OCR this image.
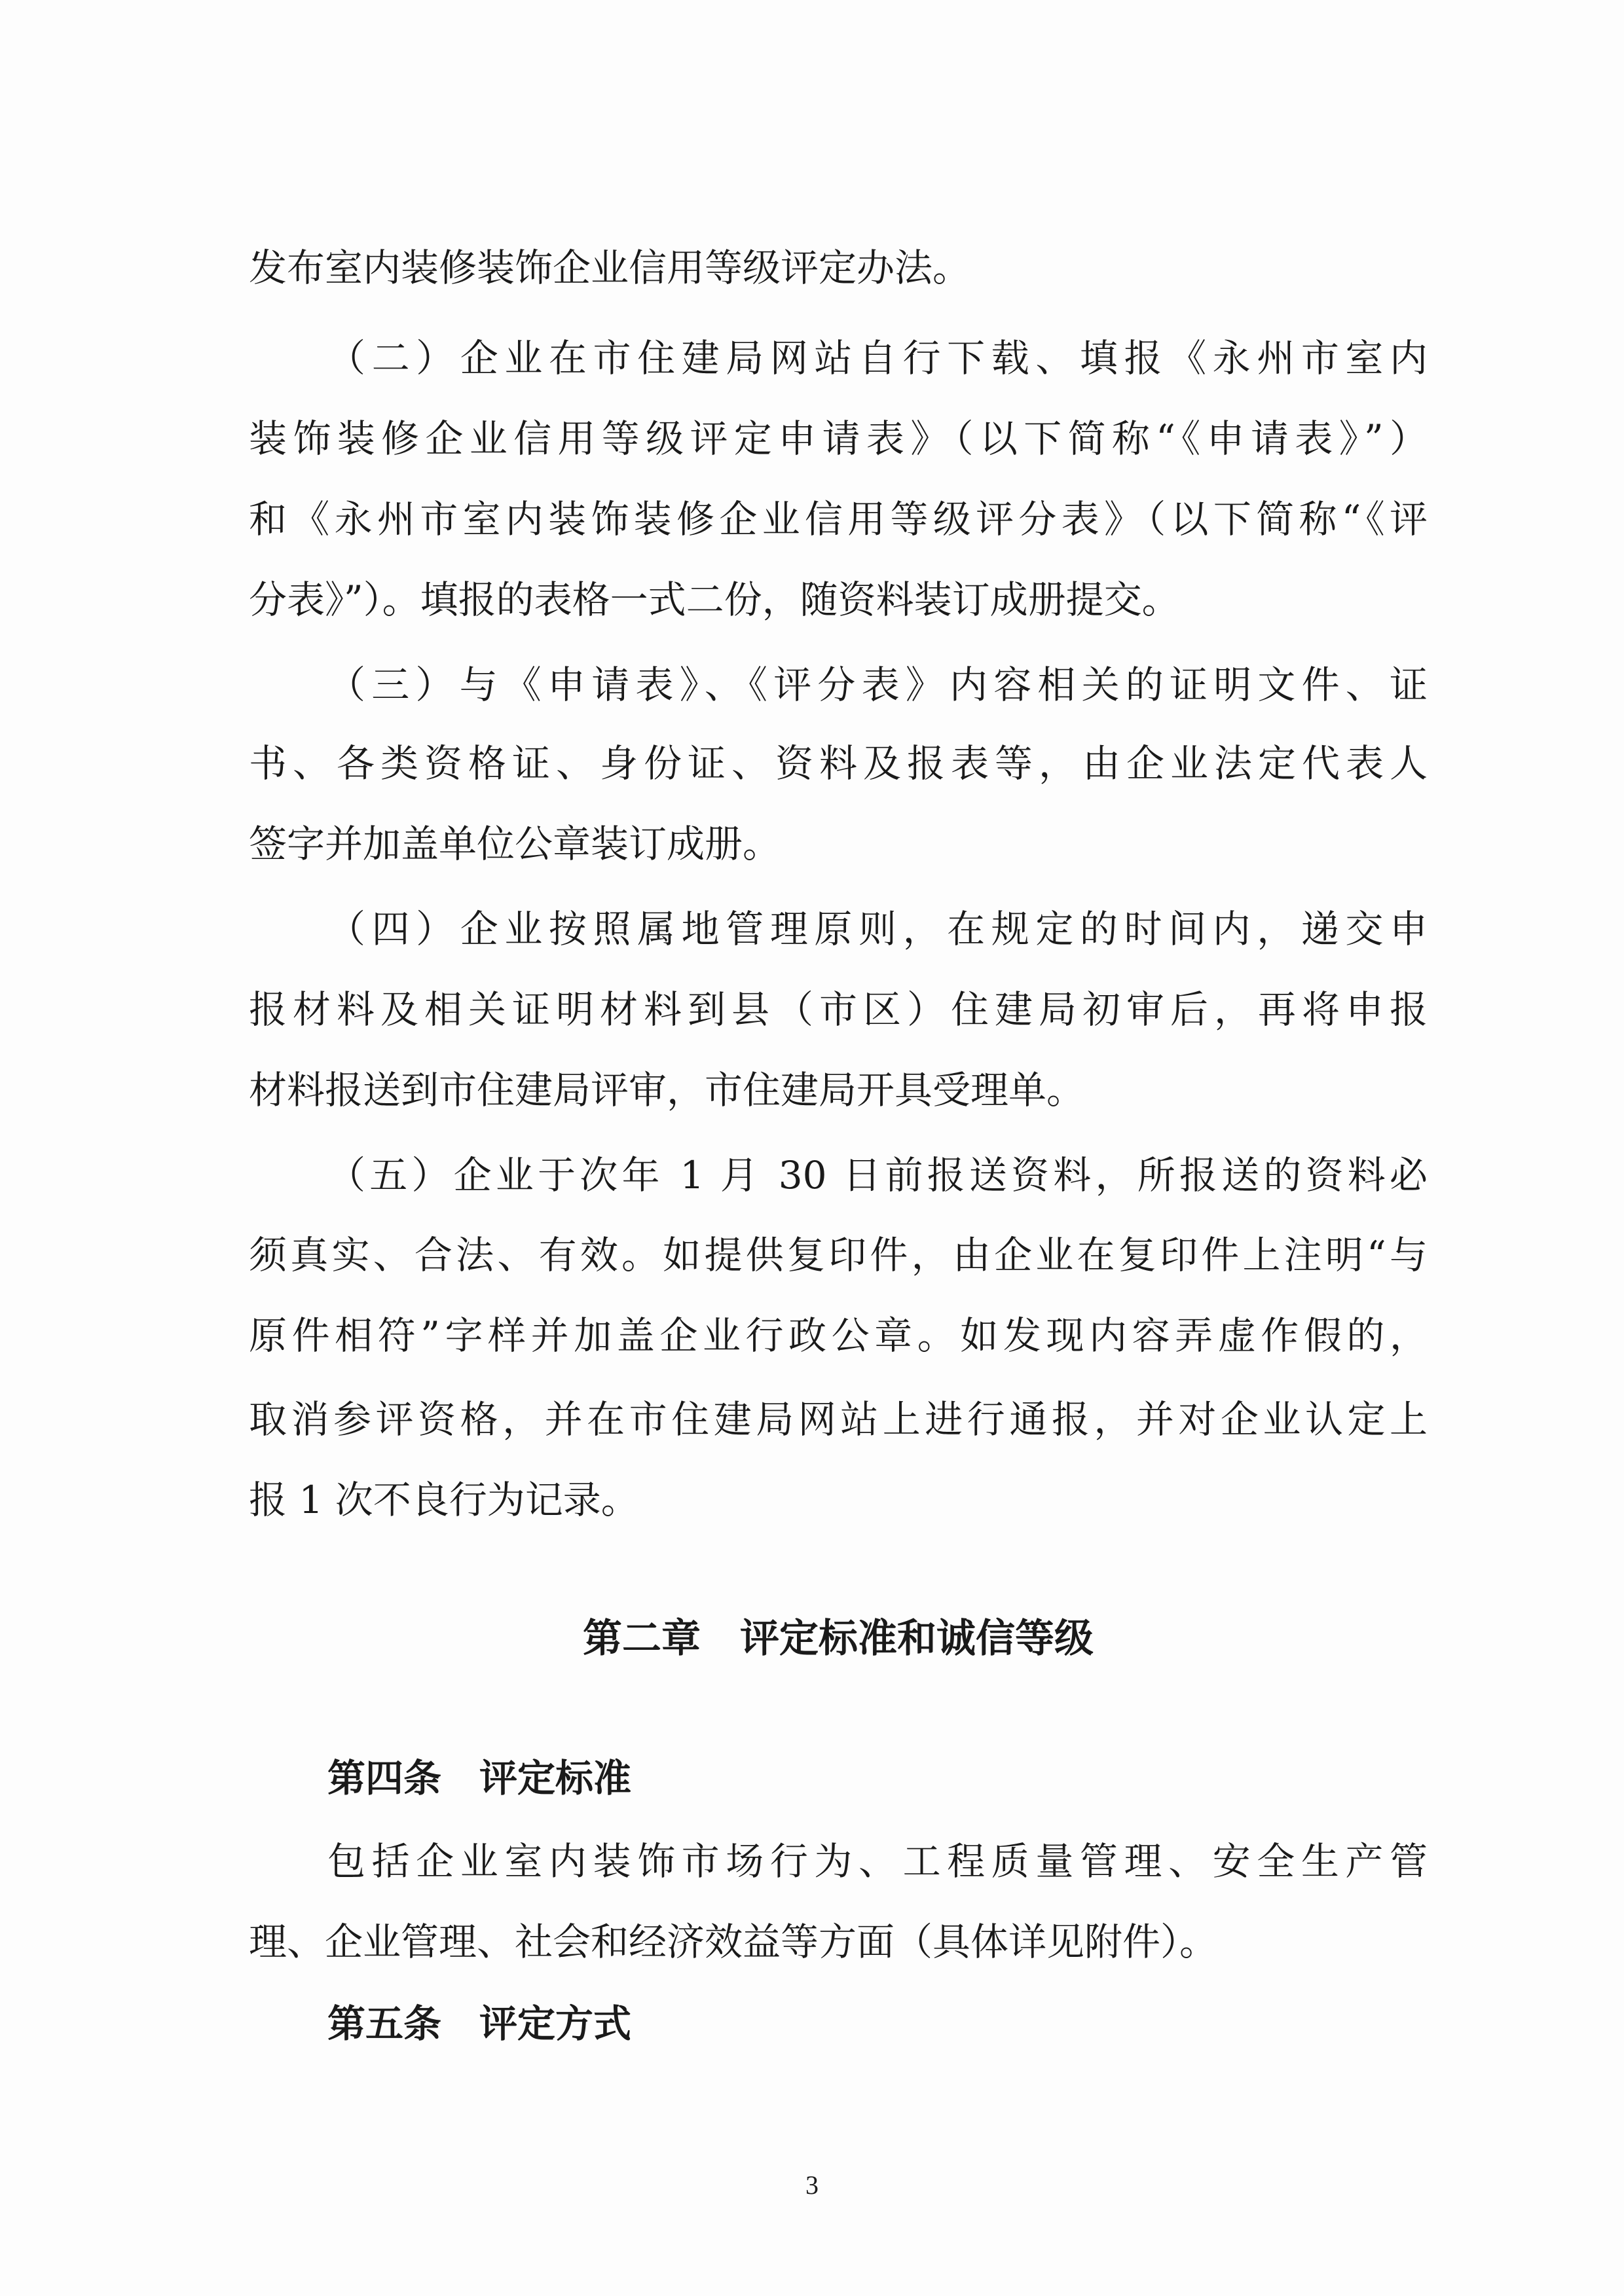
发布室内装修装饰企业信用等级评定办法。
（二）企业在市住建局网站自行下载、填报《永州市室内
装饰装修企业信用等级评定申请表》（以下简称“《申请表》”）
和《永州市室内装饰装修企业信用等级评分表》（以下简称“《评
分表》”）。填报的表格一式二份，随资料装订成册提交。
（三）与《申请表》、《评分表》内容相关的证明文件、证
书、各类资格证、身份证、资料及报表等，由企业法定代表人
签字并加盖单位公章装订成册。
（四）企业按照属地管理原则，在规定的时间内，递交申
报材料及相关证明材料到县（市区）住建局初审后，再将申报
材料报送到市住建局评审，市住建局开具受理单。
（五）企业于次年 1 月 30 日前报送资料，所报送的资料必
须真实、合法、有效。如提供复印件，由企业在复印件上注明“与
原件相符”字样并加盖企业行政公章。如发现内容弄虚作假的，
取消参评资格，并在市住建局网站上进行通报，并对企业认定上
报 1 次不良行为记录。
第二章　评定标准和诚信等级
第四条　评定标准
包括企业室内装饰市场行为、工程质量管理、安全生产管
理、企业管理、社会和经济效益等方面（具体详见附件）。
第五条　评定方式
3
